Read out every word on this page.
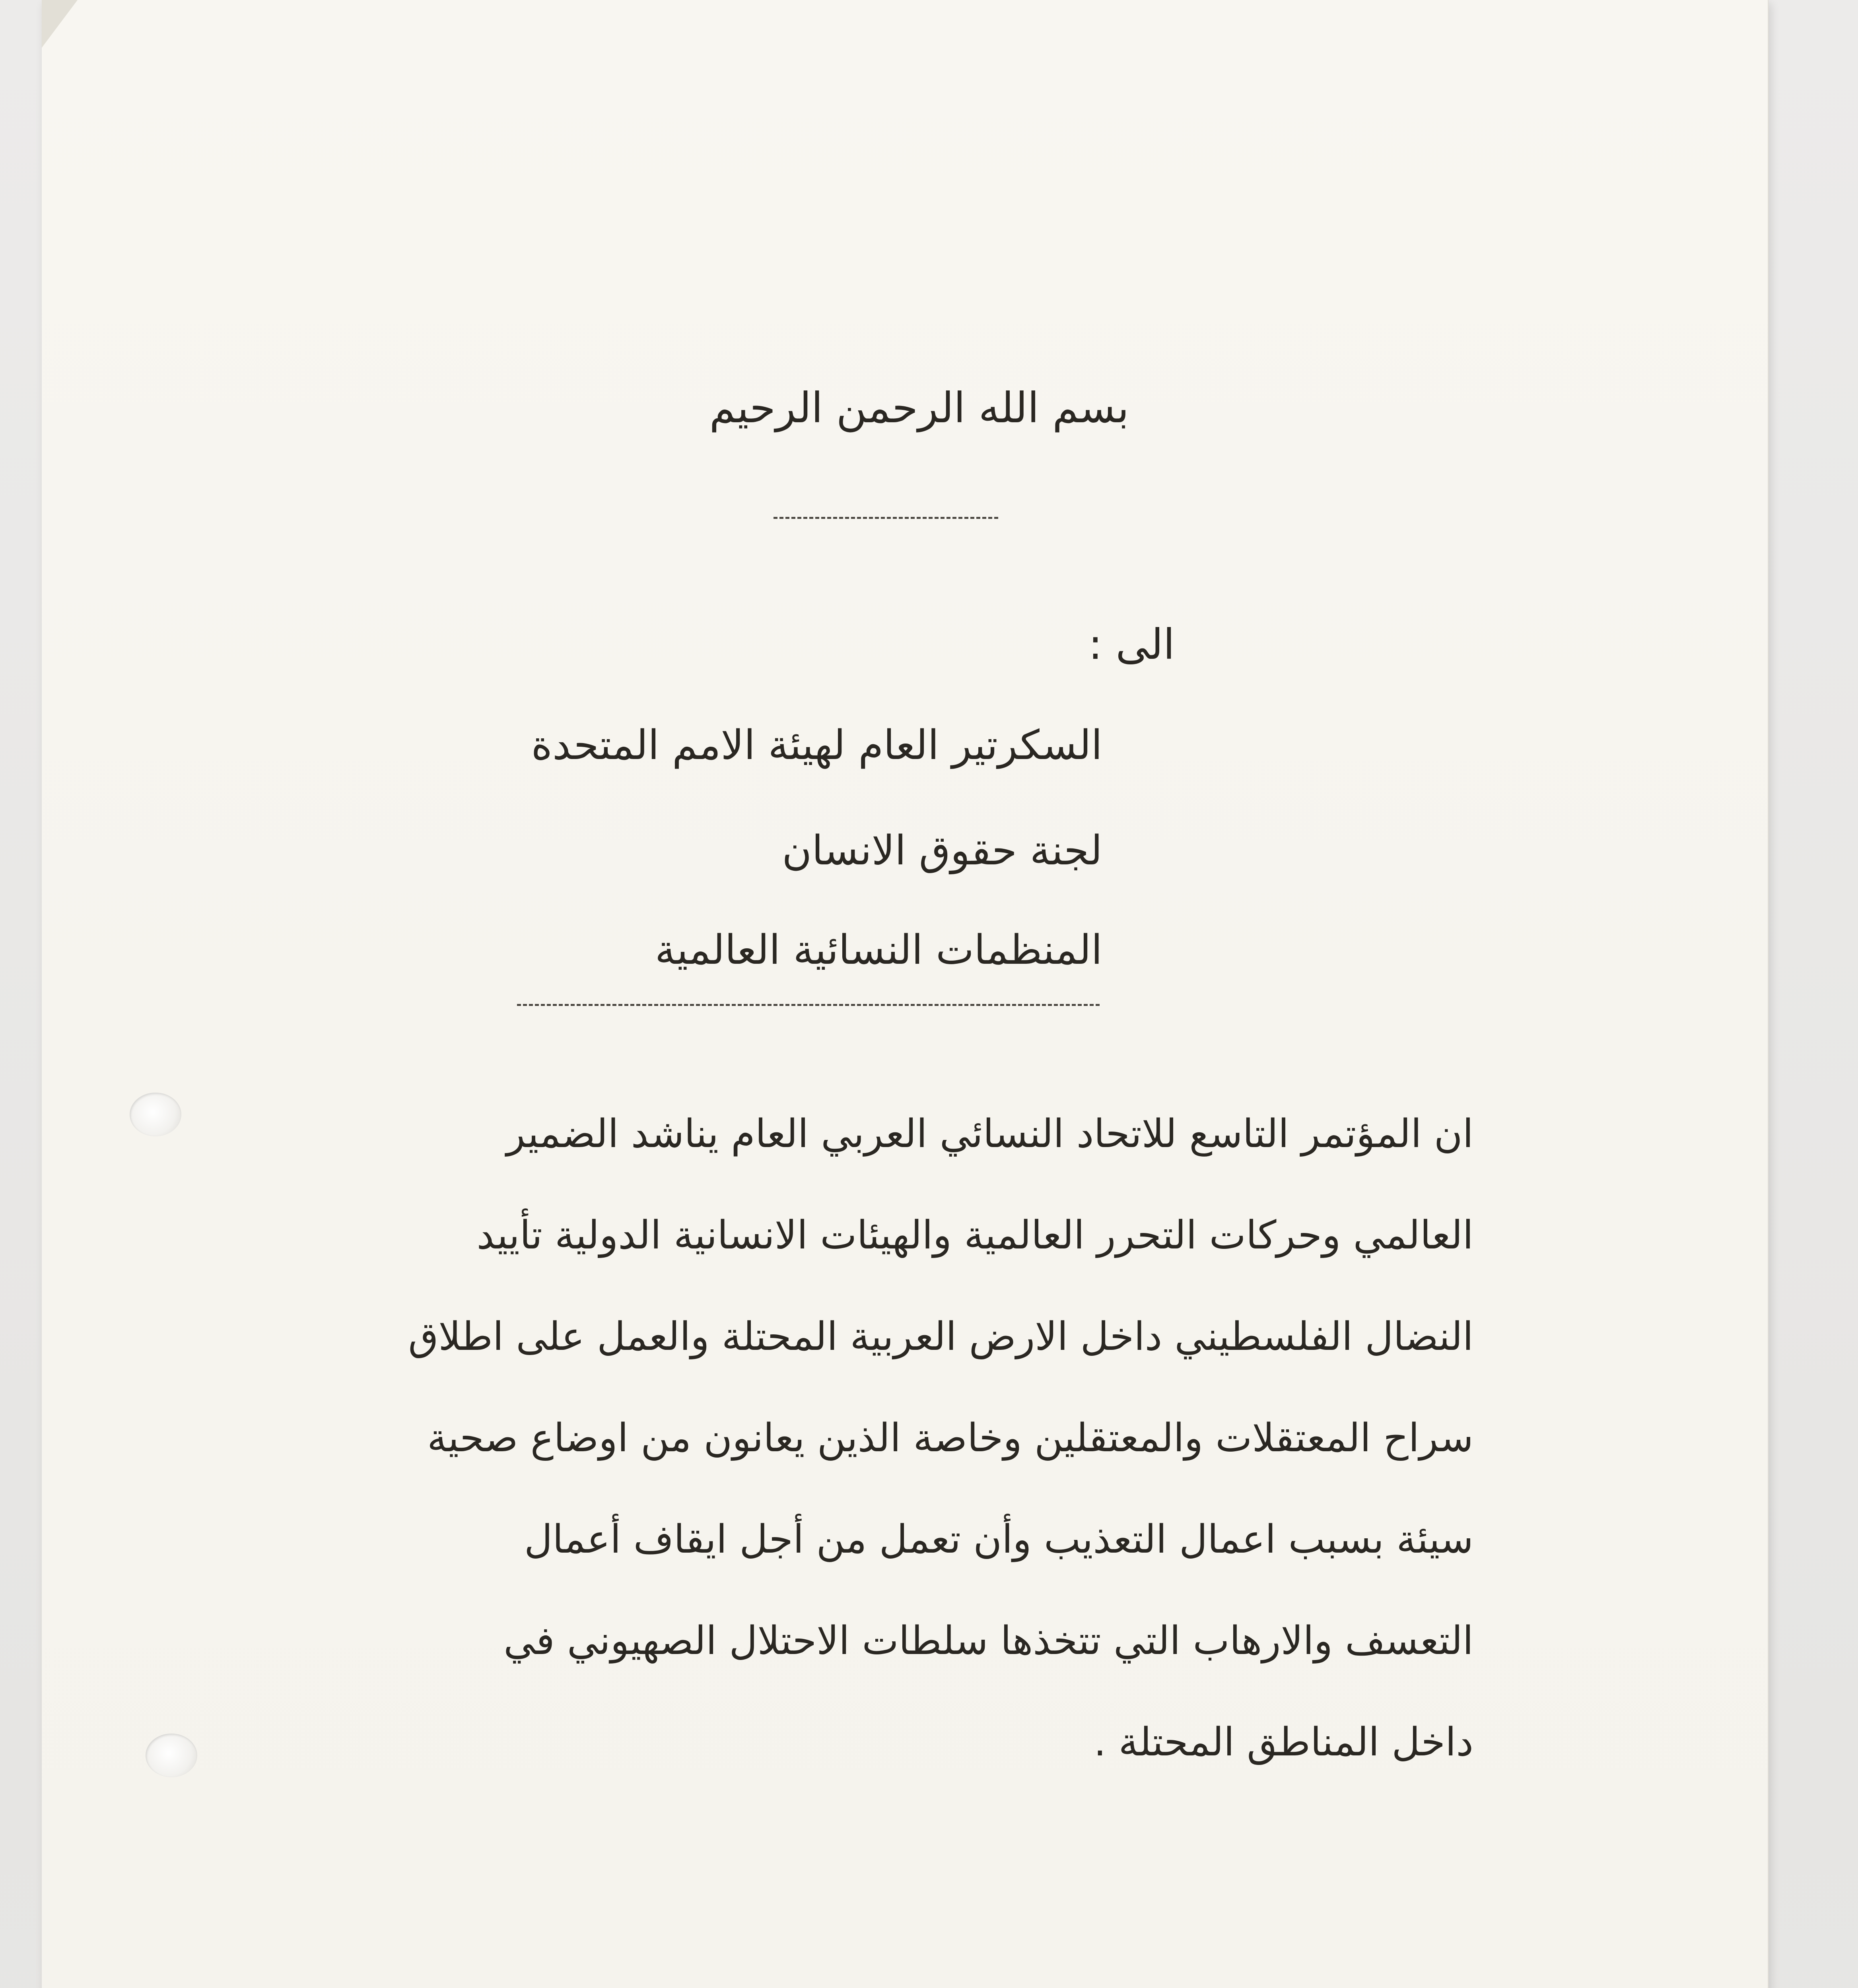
بسم الله الرحمن الرحيم

الى :

السكرتير العام لهيئة الامم المتحدة

لجنة حقوق الانسان

المنظمات النسائية العالمية

ان المؤتمر التاسع للاتحاد النسائي العربي العام يناشد الضمير

العالمي وحركات التحرر العالمية والهيئات الانسانية الدولية تأييد

النضال الفلسطيني داخل الارض العربية المحتلة والعمل على اطلاق

سراح المعتقلات والمعتقلين وخاصة الذين يعانون من اوضاع صحية

سيئة بسبب اعمال التعذيب وأن تعمل من أجل ايقاف أعمال

التعسف والارهاب التي تتخذها سلطات الاحتلال الصهيوني في

داخل المناطق المحتلة .
